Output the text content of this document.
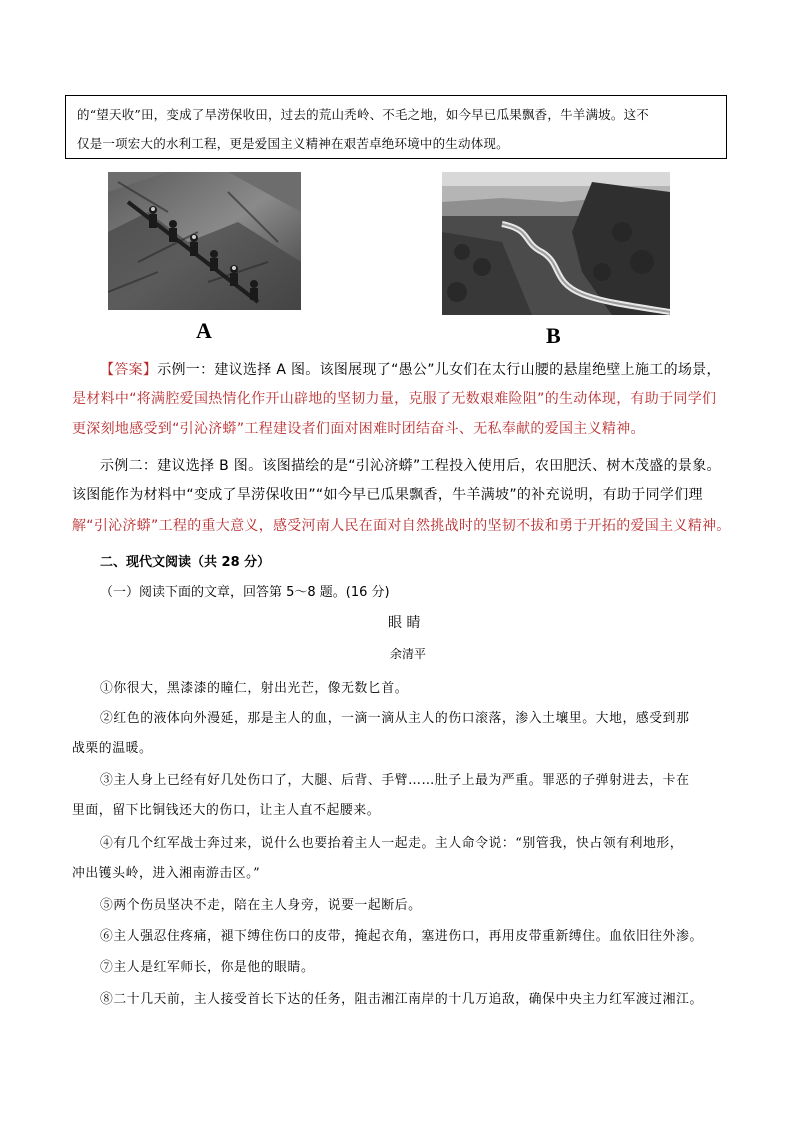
的“望天收”田，变成了旱涝保收田，过去的荒山秃岭、不毛之地，如今早已瓜果飘香，牛羊满坡。这不
仅是一项宏大的水利工程，更是爱国主义精神在艰苦卓绝环境中的生动体现。
A	B
【答案】示例一：建议选择 A 图。该图展现了“愚公”儿女们在太行山腰的悬崖绝壁上施工的场景，
是材料中“将满腔爱国热情化作开山辟地的坚韧力量，克服了无数艰难险阻”的生动体现，有助于同学们
更深刻地感受到“引沁济蟒”工程建设者们面对困难时团结奋斗、无私奉献的爱国主义精神。
示例二：建议选择 B 图。该图描绘的是“引沁济蟒”工程投入使用后，农田肥沃、树木茂盛的景象。
该图能作为材料中“变成了旱涝保收田”“如今早已瓜果飘香，牛羊满坡”的补充说明，有助于同学们理
解“引沁济蟒”工程的重大意义，感受河南人民在面对自然挑战时的坚韧不拔和勇于开拓的爱国主义精神。
二、现代文阅读（共 28 分）
（一）阅读下面的文章，回答第 5～8 题。(16 分)
眼 睛
余清平
①你很大，黑漆漆的瞳仁，射出光芒，像无数匕首。
②红色的液体向外漫延，那是主人的血，一滴一滴从主人的伤口滚落，渗入土壤里。大地，感受到那
战栗的温暖。
③主人身上已经有好几处伤口了，大腿、后背、手臂……肚子上最为严重。罪恶的子弹射进去，卡在
里面，留下比铜钱还大的伤口，让主人直不起腰来。
④有几个红军战士奔过来，说什么也要抬着主人一起走。主人命令说：“别管我，快占领有利地形，
冲出镬头岭，进入湘南游击区。”
⑤两个伤员坚决不走，陪在主人身旁，说要一起断后。
⑥主人强忍住疼痛，褪下缚住伤口的皮带，掩起衣角，塞进伤口，再用皮带重新缚住。血依旧往外渗。
⑦主人是红军师长，你是他的眼睛。
⑧二十几天前，主人接受首长下达的任务，阻击湘江南岸的十几万追敌，确保中央主力红军渡过湘江。
